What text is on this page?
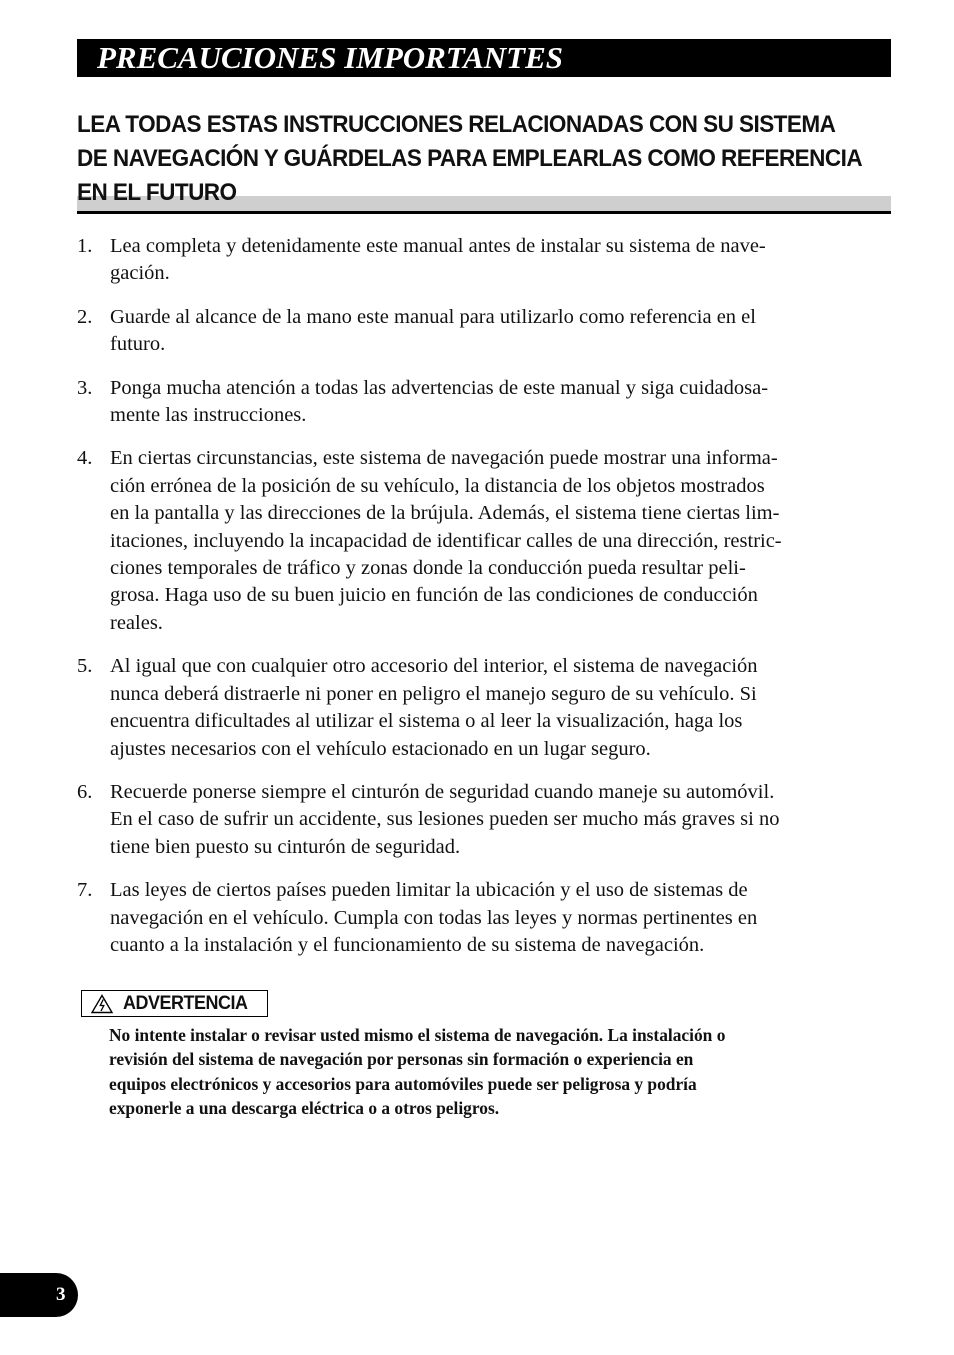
PRECAUCIONES IMPORTANTES
LEA TODAS ESTAS INSTRUCCIONES RELACIONADAS CON SU SISTEMA
DE NAVEGACIÓN Y GUÁRDELAS PARA EMPLEARLAS COMO REFERENCIA
EN EL FUTURO
1. Lea completa y detenidamente este manual antes de instalar su sistema de nave-
gación.
2. Guarde al alcance de la mano este manual para utilizarlo como referencia en el
futuro.
3. Ponga mucha atención a todas las advertencias de este manual y siga cuidadosa-
mente las instrucciones.
4. En ciertas circunstancias, este sistema de navegación puede mostrar una informa-
ción errónea de la posición de su vehículo, la distancia de los objetos mostrados
en la pantalla y las direcciones de la brújula. Además, el sistema tiene ciertas lim-
itaciones, incluyendo la incapacidad de identificar calles de una dirección, restric-
ciones temporales de tráfico y zonas donde la conducción pueda resultar peli-
grosa. Haga uso de su buen juicio en función de las condiciones de conducción
reales.
5. Al igual que con cualquier otro accesorio del interior, el sistema de navegación
nunca deberá distraerle ni poner en peligro el manejo seguro de su vehículo. Si
encuentra dificultades al utilizar el sistema o al leer la visualización, haga los
ajustes necesarios con el vehículo estacionado en un lugar seguro.
6. Recuerde ponerse siempre el cinturón de seguridad cuando maneje su automóvil.
En el caso de sufrir un accidente, sus lesiones pueden ser mucho más graves si no
tiene bien puesto su cinturón de seguridad.
7. Las leyes de ciertos países pueden limitar la ubicación y el uso de sistemas de
navegación en el vehículo. Cumpla con todas las leyes y normas pertinentes en
cuanto a la instalación y el funcionamiento de su sistema de navegación.
ADVERTENCIA
No intente instalar o revisar usted mismo el sistema de navegación. La instalación o
revisión del sistema de navegación por personas sin formación o experiencia en
equipos electrónicos y accesorios para automóviles puede ser peligrosa y podría
exponerle a una descarga eléctrica o a otros peligros.
3
